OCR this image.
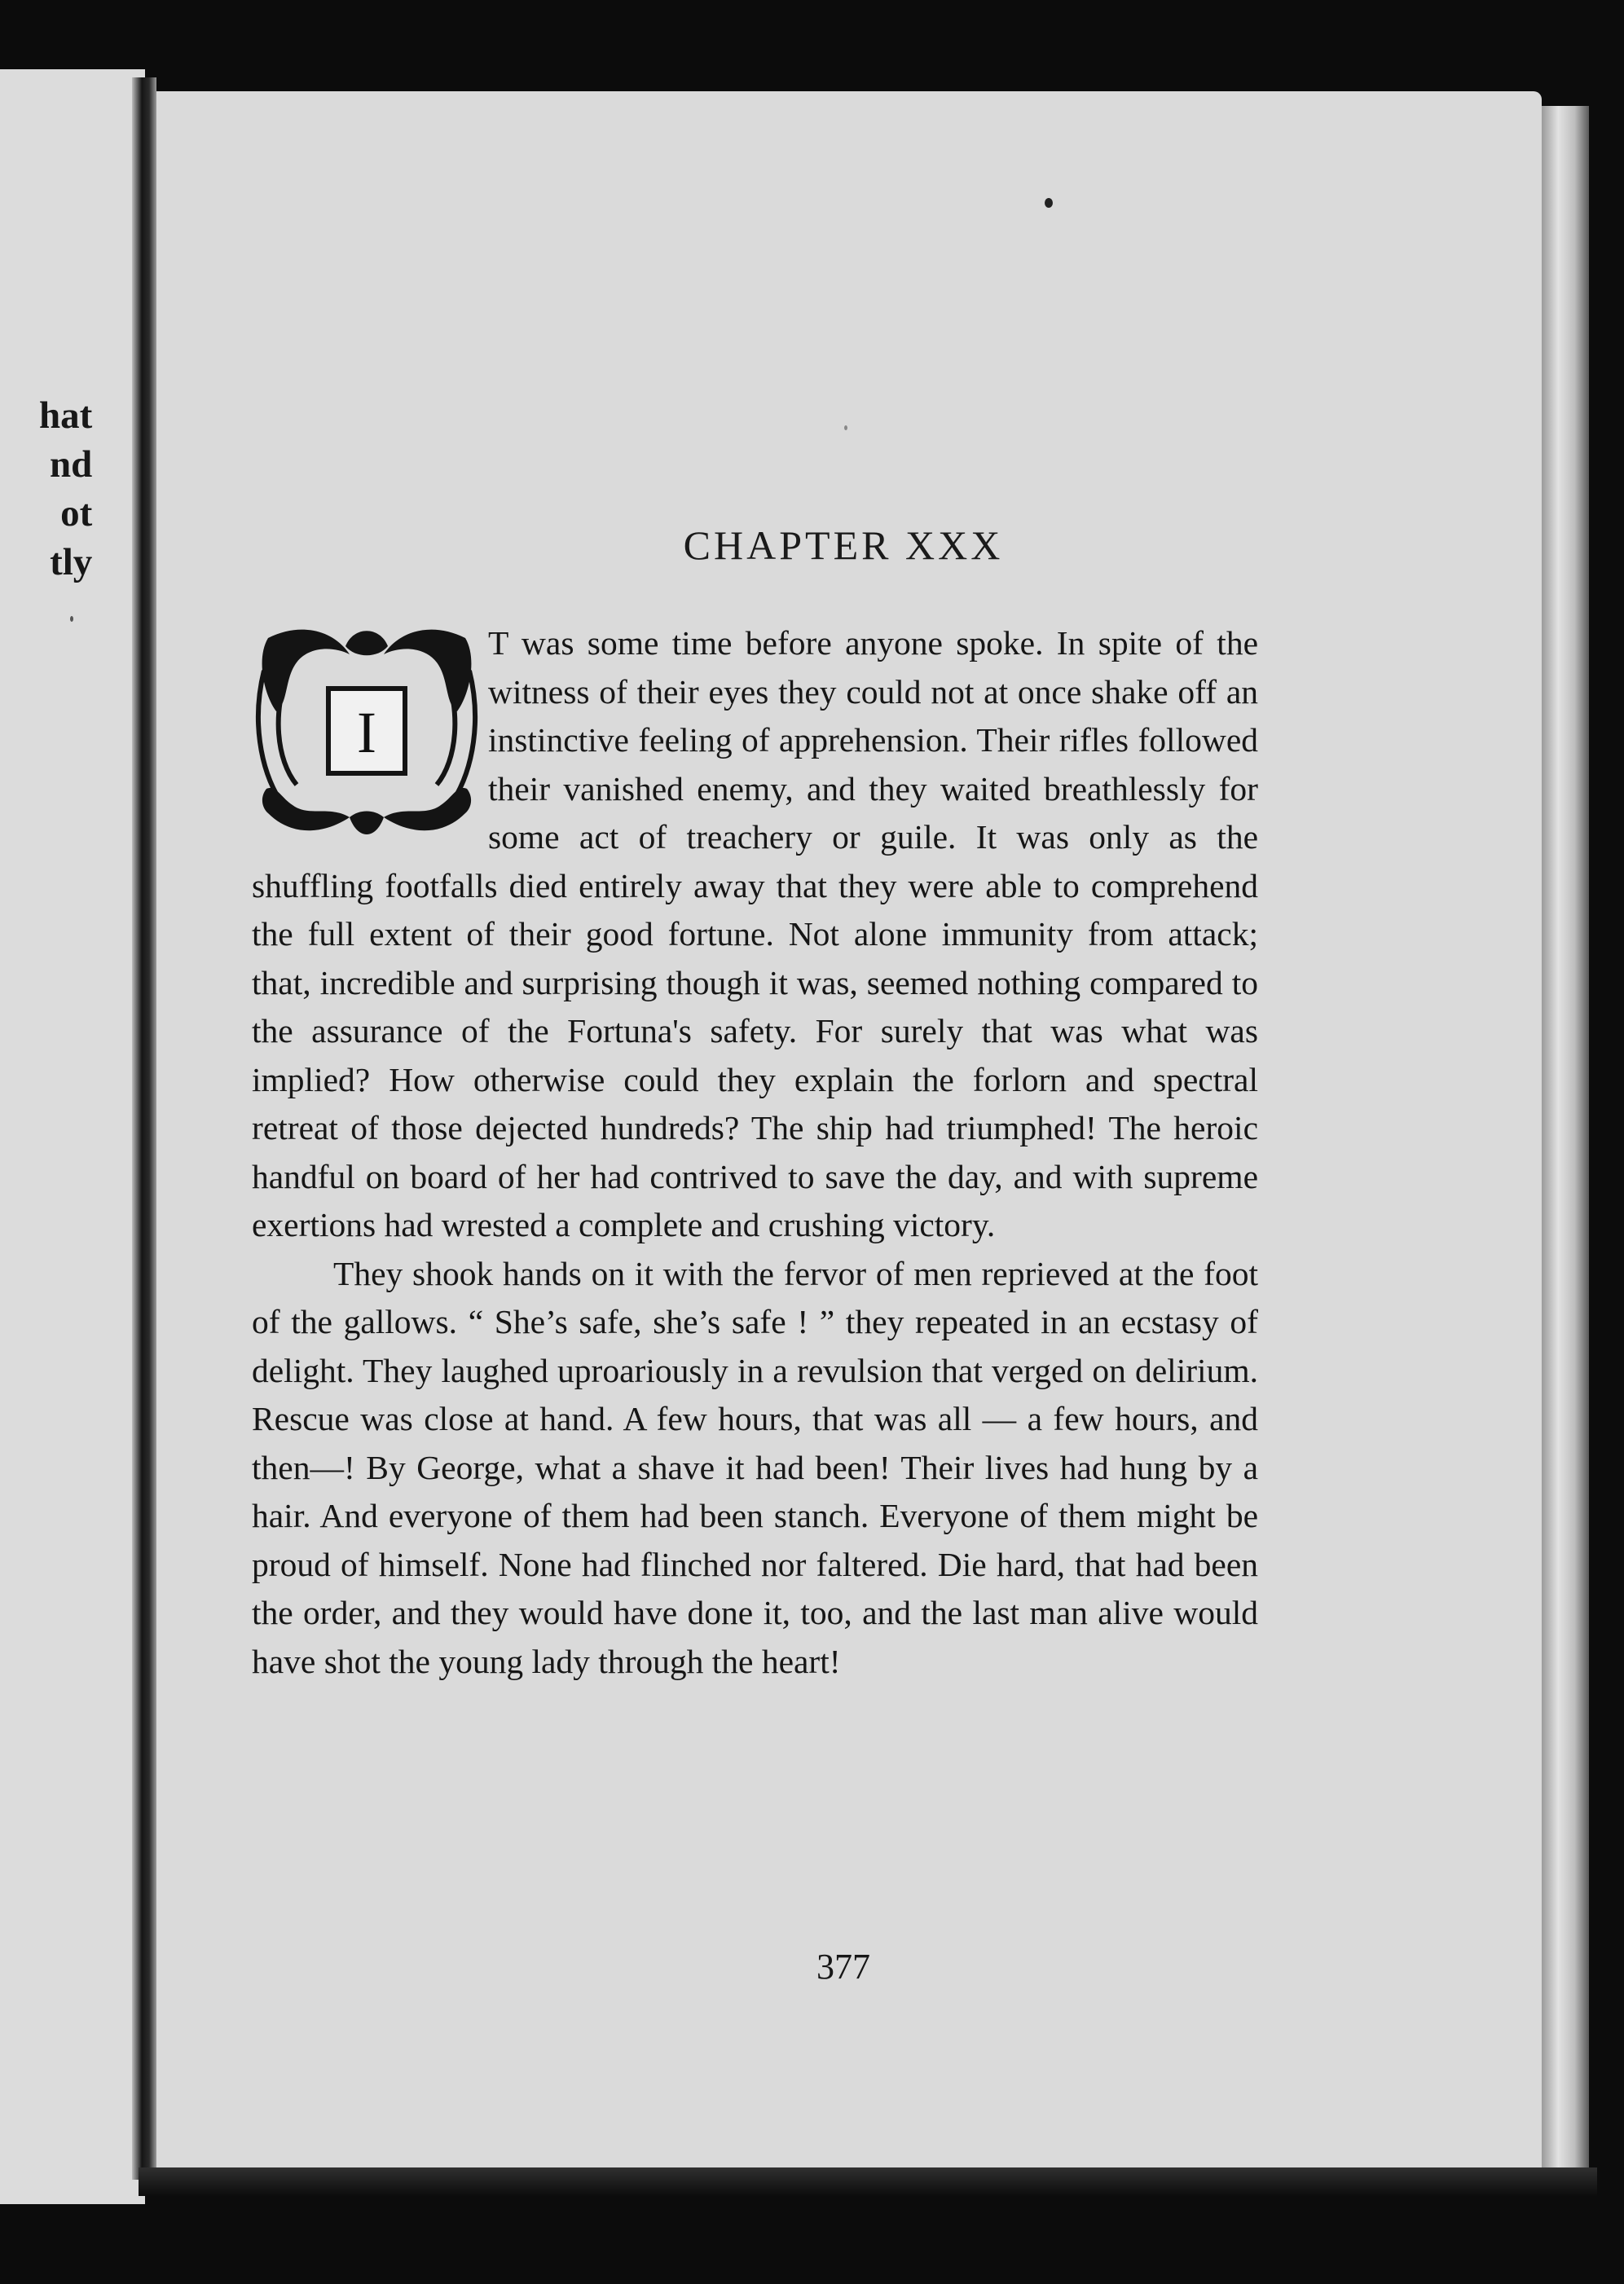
hat
nd
ot
tly	CHAPTER XXX
I

T was some time before anyone spoke. In spite of the witness of their eyes they could not at once shake off an instinctive feeling of apprehension. Their rifles followed their vanished enemy, and they waited breathlessly for some act of treachery or guile. It was only as the shuffling footfalls died entirely away that they were able to comprehend the full extent of their good fortune. Not alone immunity from attack; that, incredible and surprising though it was, seemed nothing compared to the assurance of the Fortuna's safety. For surely that was what was implied? How otherwise could they explain the forlorn and spectral retreat of those dejected hundreds? The ship had triumphed! The heroic handful on board of her had contrived to save the day, and with supreme exertions had wrested a complete and crushing victory.

They shook hands on it with the fervor of men reprieved at the foot of the gallows. “ She’s safe, she’s safe ! ” they repeated in an ecstasy of delight. They laughed uproariously in a revulsion that verged on delirium. Rescue was close at hand. A few hours, that was all — a few hours, and then—! By George, what a shave it had been! Their lives had hung by a hair. And everyone of them had been stanch. Everyone of them might be proud of himself. None had flinched nor faltered. Die hard, that had been the order, and they would have done it, too, and the last man alive would have shot the young lady through the heart!

377
